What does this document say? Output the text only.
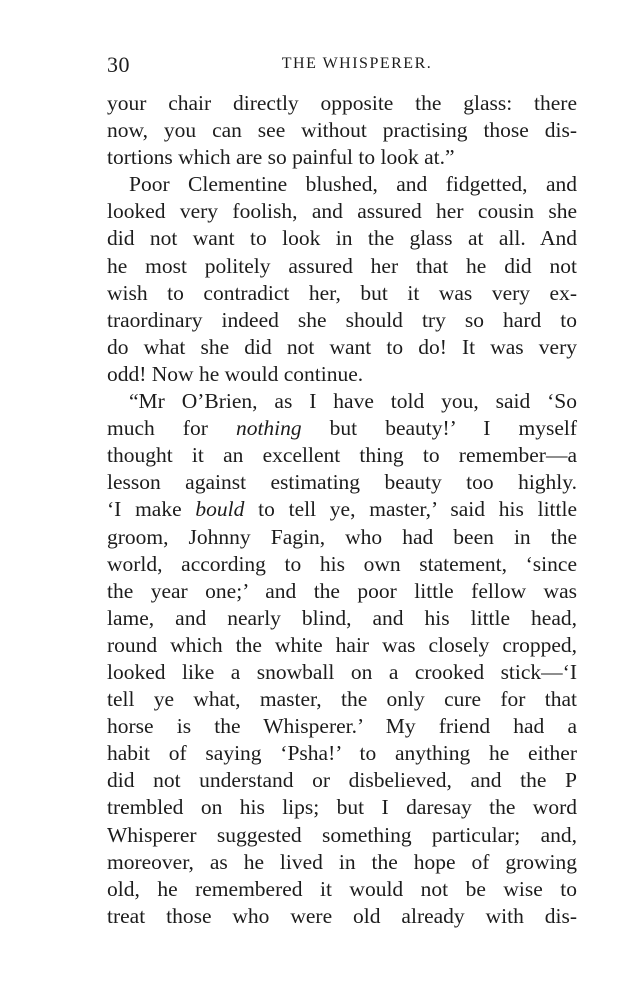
30	THE WHISPERER.
your chair directly opposite the glass: there
now, you can see without practising those dis-
tortions which are so painful to look at.”
Poor Clementine blushed, and fidgetted, and
looked very foolish, and assured her cousin she
did not want to look in the glass at all. And
he most politely assured her that he did not
wish to contradict her, but it was very ex-
traordinary indeed she should try so hard to
do what she did not want to do! It was very
odd! Now he would continue.
“Mr O’Brien, as I have told you, said ‘So
much for nothing but beauty!’ I myself
thought it an excellent thing to remember—a
lesson against estimating beauty too highly.
‘I make bould to tell ye, master,’ said his little
groom, Johnny Fagin, who had been in the
world, according to his own statement, ‘since
the year one;’ and the poor little fellow was
lame, and nearly blind, and his little head,
round which the white hair was closely cropped,
looked like a snowball on a crooked stick—‘I
tell ye what, master, the only cure for that
horse is the Whisperer.’ My friend had a
habit of saying ‘Psha!’ to anything he either
did not understand or disbelieved, and the P
trembled on his lips; but I daresay the word
Whisperer suggested something particular; and,
moreover, as he lived in the hope of growing
old, he remembered it would not be wise to
treat those who were old already with dis-
